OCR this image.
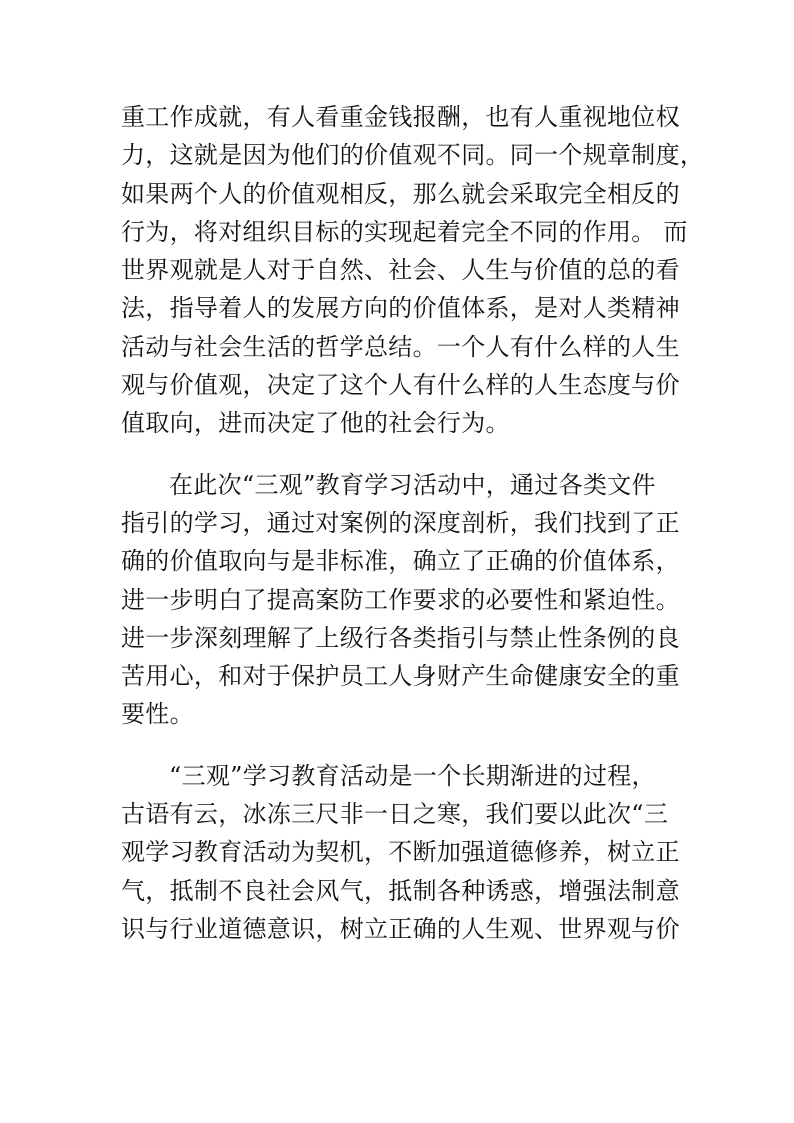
重工作成就，有人看重金钱报酬，也有人重视地位权
力，这就是因为他们的价值观不同。同一个规章制度，
如果两个人的价值观相反，那么就会采取完全相反的
行为，将对组织目标的实现起着完全不同的作用。 而
世界观就是人对于自然、社会、人生与价值的总的看
法，指导着人的发展方向的价值体系，是对人类精神
活动与社会生活的哲学总结。一个人有什么样的人生
观与价值观，决定了这个人有什么样的人生态度与价
值取向，进而决定了他的社会行为。
在此次“三观”教育学习活动中，通过各类文件
指引的学习，通过对案例的深度剖析，我们找到了正
确的价值取向与是非标准，确立了正确的价值体系，
进一步明白了提高案防工作要求的必要性和紧迫性。
进一步深刻理解了上级行各类指引与禁止性条例的良
苦用心，和对于保护员工人身财产生命健康安全的重
要性。
“三观”学习教育活动是一个长期渐进的过程，
古语有云，冰冻三尺非一日之寒，我们要以此次“三
观学习教育活动为契机，不断加强道德修养，树立正
气，抵制不良社会风气，抵制各种诱惑，增强法制意
识与行业道德意识，树立正确的人生观、世界观与价
